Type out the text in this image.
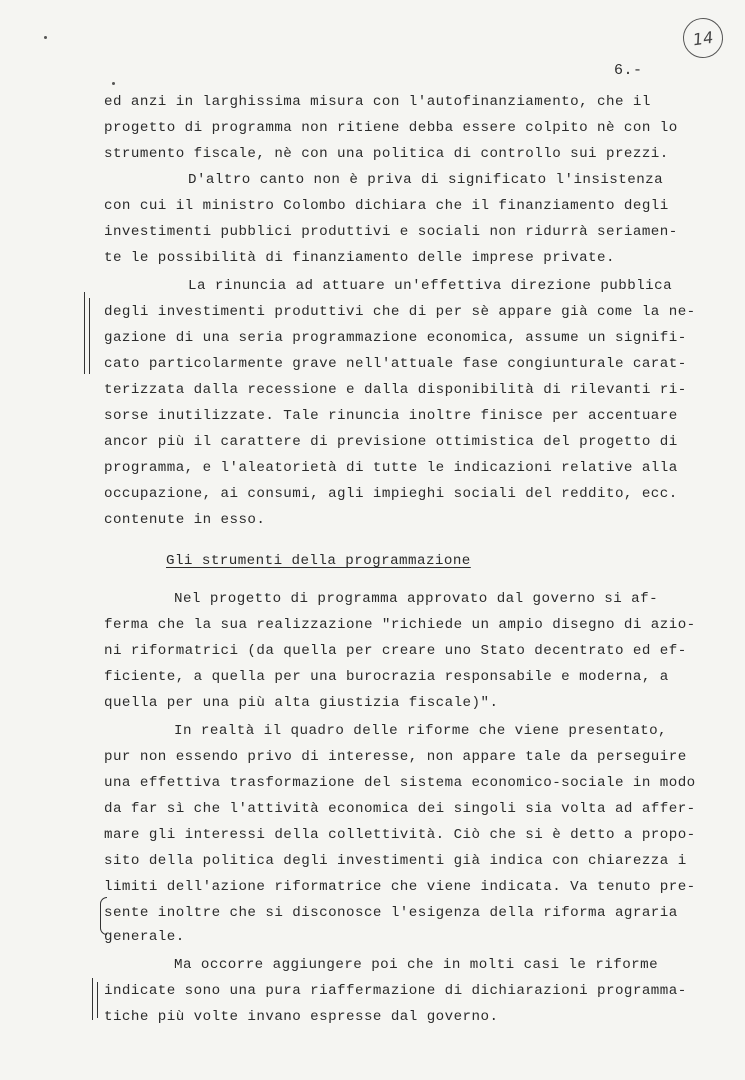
14
6.-
ed anzi in larghissima misura con l'autofinanziamento, che il
progetto di programma non ritiene debba essere colpito nè con lo
strumento fiscale, nè con una politica di controllo sui prezzi.
D'altro canto non è priva di significato l'insistenza
con cui il ministro Colombo dichiara che il finanziamento degli
investimenti pubblici produttivi e sociali non ridurrà seriamen-
te le possibilità di finanziamento delle imprese private.
La rinuncia ad attuare un'effettiva direzione pubblica
degli investimenti produttivi che di per sè appare già come la ne-
gazione di una seria programmazione economica, assume un signifi-
cato particolarmente grave nell'attuale fase congiunturale carat-
terizzata dalla recessione e dalla disponibilità di rilevanti ri-
sorse inutilizzate. Tale rinuncia inoltre finisce per accentuare
ancor più il carattere di previsione ottimistica del progetto di
programma, e l'aleatorietà di tutte le indicazioni relative alla
occupazione, ai consumi, agli impieghi sociali del reddito, ecc.
contenute in esso.
Gli strumenti della programmazione
Nel progetto di programma approvato dal governo si af-
ferma che la sua realizzazione "richiede un ampio disegno di azio-
ni riformatrici (da quella per creare uno Stato decentrato ed ef-
ficiente, a quella per una burocrazia responsabile e moderna, a
quella per una più alta giustizia fiscale)".
In realtà il quadro delle riforme che viene presentato,
pur non essendo privo di interesse, non appare tale da perseguire
una effettiva trasformazione del sistema economico-sociale in modo
da far sì che l'attività economica dei singoli sia volta ad affer-
mare gli interessi della collettività. Ciò che si è detto a propo-
sito della politica degli investimenti già indica con chiarezza i
limiti dell'azione riformatrice che viene indicata. Va tenuto pre-
sente inoltre che si disconosce l'esigenza della riforma agraria
generale.
Ma occorre aggiungere poi che in molti casi le riforme
indicate sono una pura riaffermazione di dichiarazioni programma-
tiche più volte invano espresse dal governo.
